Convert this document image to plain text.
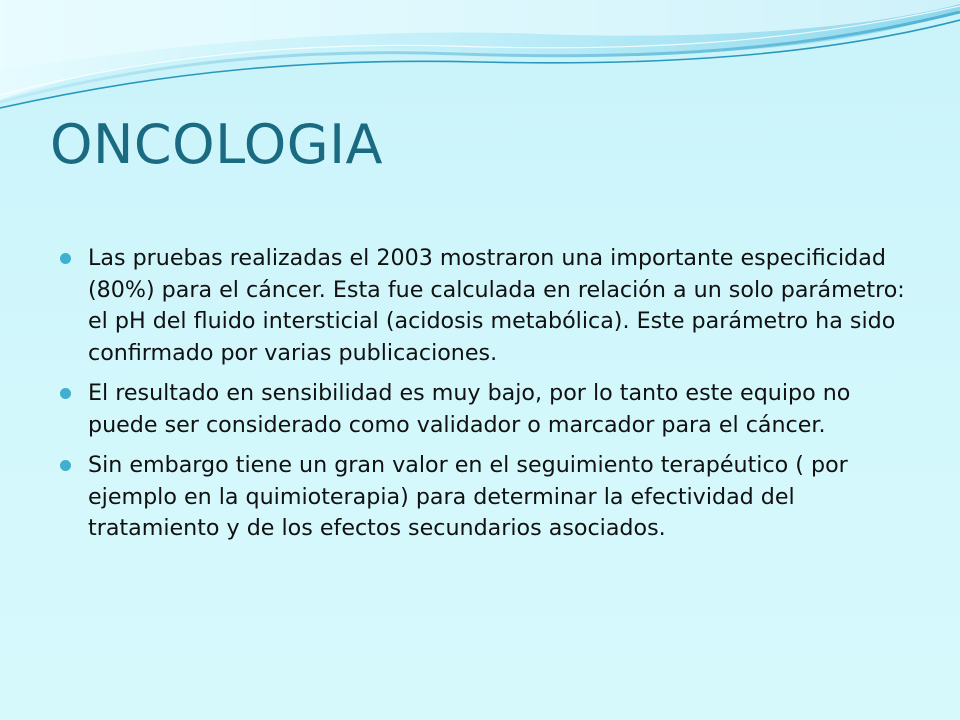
ONCOLOGIA
Las pruebas realizadas el 2003 mostraron una importante especificidad (80%) para el cáncer. Esta fue calculada en relación a un solo parámetro: el pH del fluido intersticial (acidosis metabólica). Este parámetro ha sido confirmado por varias publicaciones.
El resultado en sensibilidad es muy bajo, por lo tanto este equipo no puede ser considerado como validador o marcador para el cáncer.
Sin embargo tiene un gran valor en el seguimiento terapéutico ( por ejemplo en la quimioterapia) para determinar la efectividad del tratamiento y de los efectos secundarios asociados.
